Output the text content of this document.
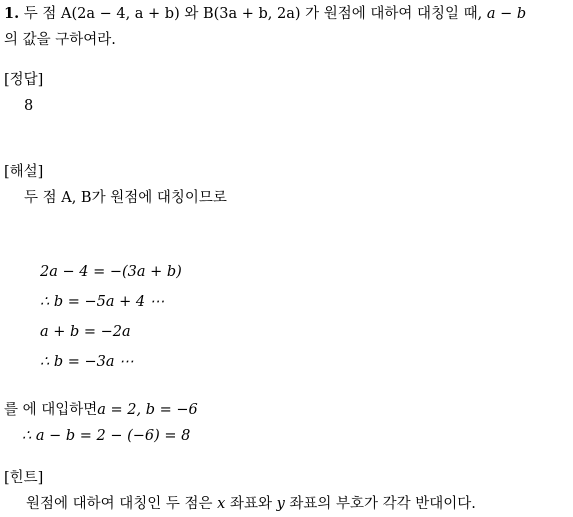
1. 두 점 A(2a − 4, a + b) 와 B(3a + b, 2a) 가 원점에 대하여 대칭일 때, a − b
의 값을 구하여라.
[정답]
8
[해설]
두 점 A, B가 원점에 대칭이므로
2a − 4 = −(3a + b)
∴ b = −5a + 4 ⋯
a + b = −2a
∴ b = −3a ⋯
를 에 대입하면a = 2, b = −6
∴ a − b = 2 − (−6) = 8
[힌트]
원점에 대하여 대칭인 두 점은 x 좌표와 y 좌표의 부호가 각각 반대이다.
